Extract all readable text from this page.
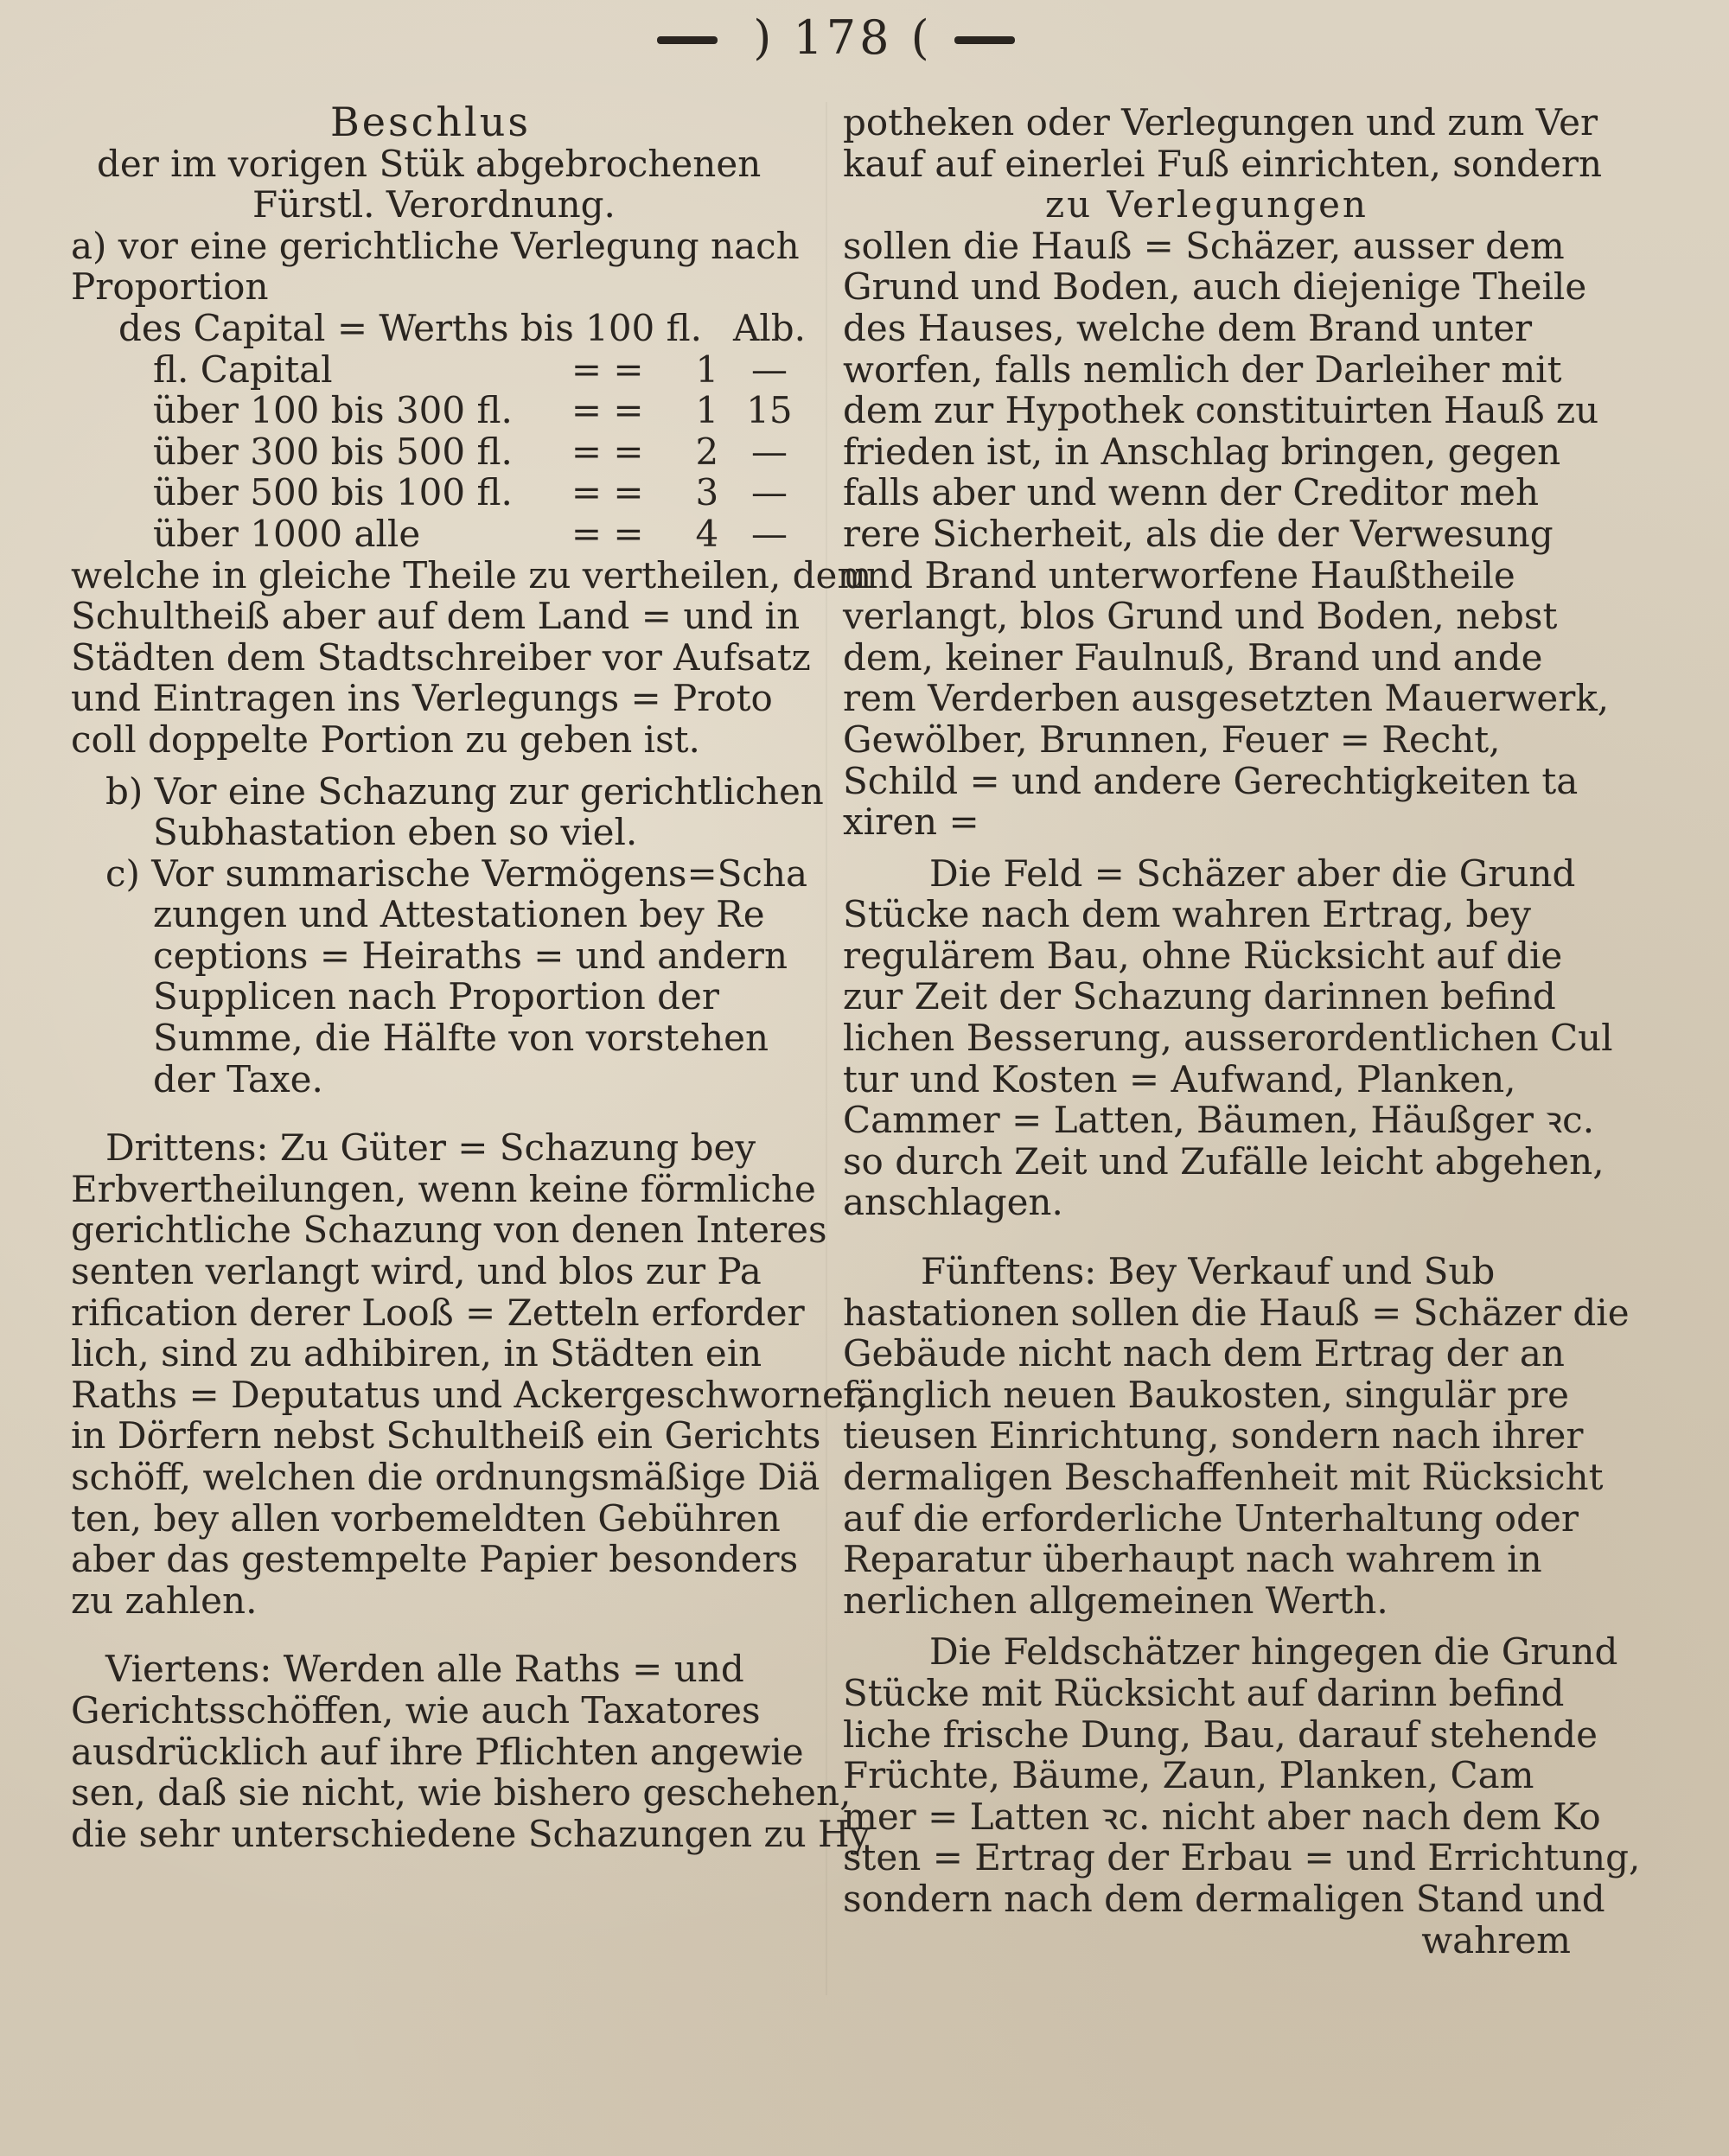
) 178 (
Beschlus
der im vorigen Stük abgebrochenen
Fürstl. Verordnung.
a) vor eine gerichtliche Verlegung nach
Proportion
des Capital = Werths bis 100 fl.			Alb.
fl. Capital	= =	1	—
über 100 bis 300 fl.	= =	1	15
über 300 bis 500 fl.	= =	2	—
über 500 bis 100 fl.	= =	3	—
über 1000 alle	= =	4	—
welche in gleiche Theile zu vertheilen, dem
Schultheiß aber auf dem Land = und in
Städten dem Stadtschreiber vor Aufsatz
und Eintragen ins Verlegungs = Proto
coll doppelte Portion zu geben ist.
b) Vor eine Schazung zur gerichtlichen
Subhastation eben so viel.
c) Vor summarische Vermögens=Scha
zungen und Attestationen bey Re
ceptions = Heiraths = und andern
Supplicen nach Proportion der
Summe, die Hälfte von vorstehen
der Taxe.
Drittens: Zu Güter = Schazung bey
Erbvertheilungen, wenn keine förmliche
gerichtliche Schazung von denen Interes
senten verlangt wird, und blos zur Pa
rification derer Looß = Zetteln erforder
lich, sind zu adhibiren, in Städten ein
Raths = Deputatus und Ackergeschworner,
in Dörfern nebst Schultheiß ein Gerichts
schöff, welchen die ordnungsmäßige Diä
ten, bey allen vorbemeldten Gebühren
aber das gestempelte Papier besonders
zu zahlen.
Viertens: Werden alle Raths = und
Gerichtsschöffen, wie auch Taxatores
ausdrücklich auf ihre Pflichten angewie
sen, daß sie nicht, wie bishero geschehen,
die sehr unterschiedene Schazungen zu Hy
potheken oder Verlegungen und zum Ver
kauf auf einerlei Fuß einrichten, sondern
zu Verlegungen
sollen die Hauß = Schäzer, ausser dem
Grund und Boden, auch diejenige Theile
des Hauses, welche dem Brand unter
worfen, falls nemlich der Darleiher mit
dem zur Hypothek constituirten Hauß zu
frieden ist, in Anschlag bringen, gegen
falls aber und wenn der Creditor meh
rere Sicherheit, als die der Verwesung
und Brand unterworfene Haußtheile
verlangt, blos Grund und Boden, nebst
dem, keiner Faulnuß, Brand und ande
rem Verderben ausgesetzten Mauerwerk,
Gewölber, Brunnen, Feuer = Recht,
Schild = und andere Gerechtigkeiten ta
xiren =
Die Feld = Schäzer aber die Grund
Stücke nach dem wahren Ertrag, bey
regulärem Bau, ohne Rücksicht auf die
zur Zeit der Schazung darinnen befind
lichen Besserung, ausserordentlichen Cul
tur und Kosten = Aufwand, Planken,
Cammer = Latten, Bäumen, Häußger ꝛc.
so durch Zeit und Zufälle leicht abgehen,
anschlagen.
Fünftens: Bey Verkauf und Sub
hastationen sollen die Hauß = Schäzer die
Gebäude nicht nach dem Ertrag der an
fänglich neuen Baukosten, singulär pre
tieusen Einrichtung, sondern nach ihrer
dermaligen Beschaffenheit mit Rücksicht
auf die erforderliche Unterhaltung oder
Reparatur überhaupt nach wahrem in
nerlichen allgemeinen Werth.
Die Feldschätzer hingegen die Grund
Stücke mit Rücksicht auf darinn befind
liche frische Dung, Bau, darauf stehende
Früchte, Bäume, Zaun, Planken, Cam
mer = Latten ꝛc. nicht aber nach dem Ko
sten = Ertrag der Erbau = und Errichtung,
sondern nach dem dermaligen Stand und
wahrem
